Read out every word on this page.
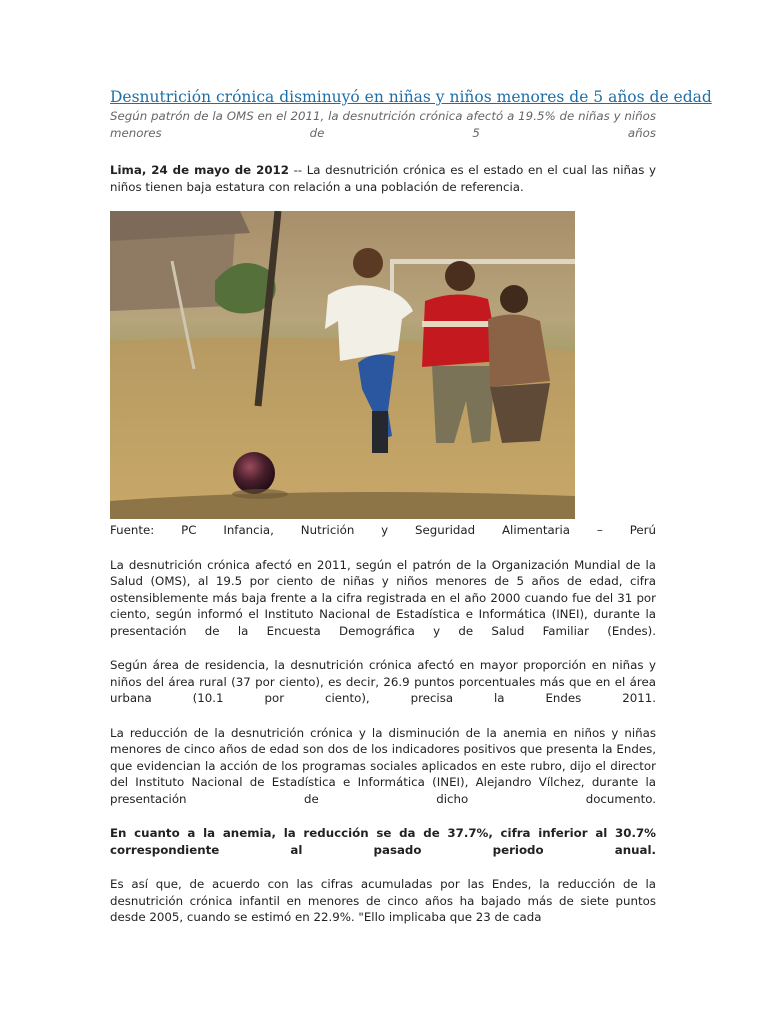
Desnutrición crónica disminuyó en niñas y niños menores de 5 años de edad
Según patrón de la OMS en el 2011, la desnutrición crónica afectó a 19.5% de niñas y niños menores de 5 años

Lima, 24 de mayo de 2012 -- La desnutrición crónica es el estado en el cual las niñas y niños tienen baja estatura con relación a una población de referencia.

Fuente: PC Infancia, Nutrición y Seguridad Alimentaria – Perú

La desnutrición crónica afectó en 2011, según el patrón de la Organización Mundial de la Salud (OMS), al 19.5 por ciento de niñas y niños menores de 5 años de edad, cifra ostensiblemente más baja frente a la cifra registrada en el año 2000 cuando fue del 31 por ciento, según informó el Instituto Nacional de Estadística e Informática (INEI), durante la presentación de la Encuesta Demográfica y de Salud Familiar (Endes).

Según área de residencia, la desnutrición crónica afectó en mayor proporción en niñas y niños del área rural (37 por ciento), es decir, 26.9 puntos porcentuales más que en el área urbana (10.1 por ciento), precisa la Endes 2011.

La reducción de la desnutrición crónica y la disminución de la anemia en niños y niñas menores de cinco años de edad son dos de los indicadores positivos que presenta la Endes, que evidencian la acción de los programas sociales aplicados en este rubro, dijo el director del Instituto Nacional de Estadística e Informática (INEI), Alejandro Vílchez, durante la presentación de dicho documento.

En cuanto a la anemia, la reducción se da de 37.7%, cifra inferior al 30.7% correspondiente al pasado periodo anual.

Es así que, de acuerdo con las cifras acumuladas por las Endes, la reducción de la desnutrición crónica infantil en menores de cinco años ha bajado más de siete puntos desde 2005, cuando se estimó en 22.9%. "Ello implicaba que 23 de cada
